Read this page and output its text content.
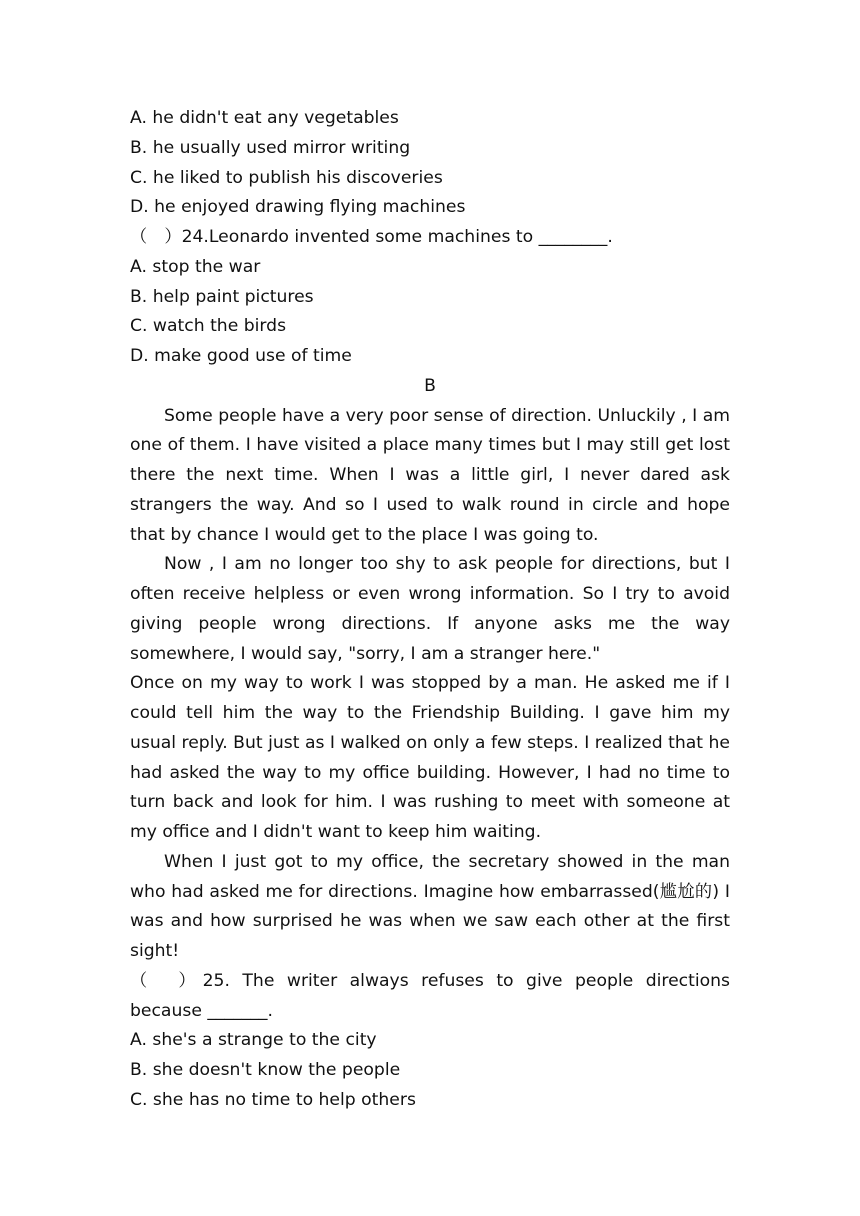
A. he didn't eat any vegetables
B. he usually used mirror writing
C. he liked to publish his discoveries
D. he enjoyed drawing flying machines
（　）24.Leonardo invented some machines to ________.
A. stop the war
B. help paint pictures
C. watch the birds
D. make good use of time
B
Some people have a very poor sense of direction. Unluckily , I am one of them. I have visited a place many times but I may still get lost there the next time. When I was a little girl, I never dared ask strangers the way. And so I used to walk round in circle and hope that by chance I would get to the place I was going to.
Now , I am no longer too shy to ask people for directions, but I often receive helpless or even wrong information. So I try to avoid giving people wrong directions. If anyone asks me the way somewhere, I would say, "sorry, I am a stranger here."
Once on my way to work I was stopped by a man. He asked me if I could tell him the way to the Friendship Building. I gave him my usual reply. But just as I walked on only a few steps. I realized that he had asked the way to my office building. However, I had no time to turn back and look for him. I was rushing to meet with someone at my office and I didn't want to keep him waiting.
When I just got to my office, the secretary showed in the man who had asked me for directions. Imagine how embarrassed(尴尬的) I was and how surprised he was when we saw each other at the first sight!
（　）25. The writer always refuses to give people directions because _______.
A. she's a strange to the city
B. she doesn't know the people
C. she has no time to help others
